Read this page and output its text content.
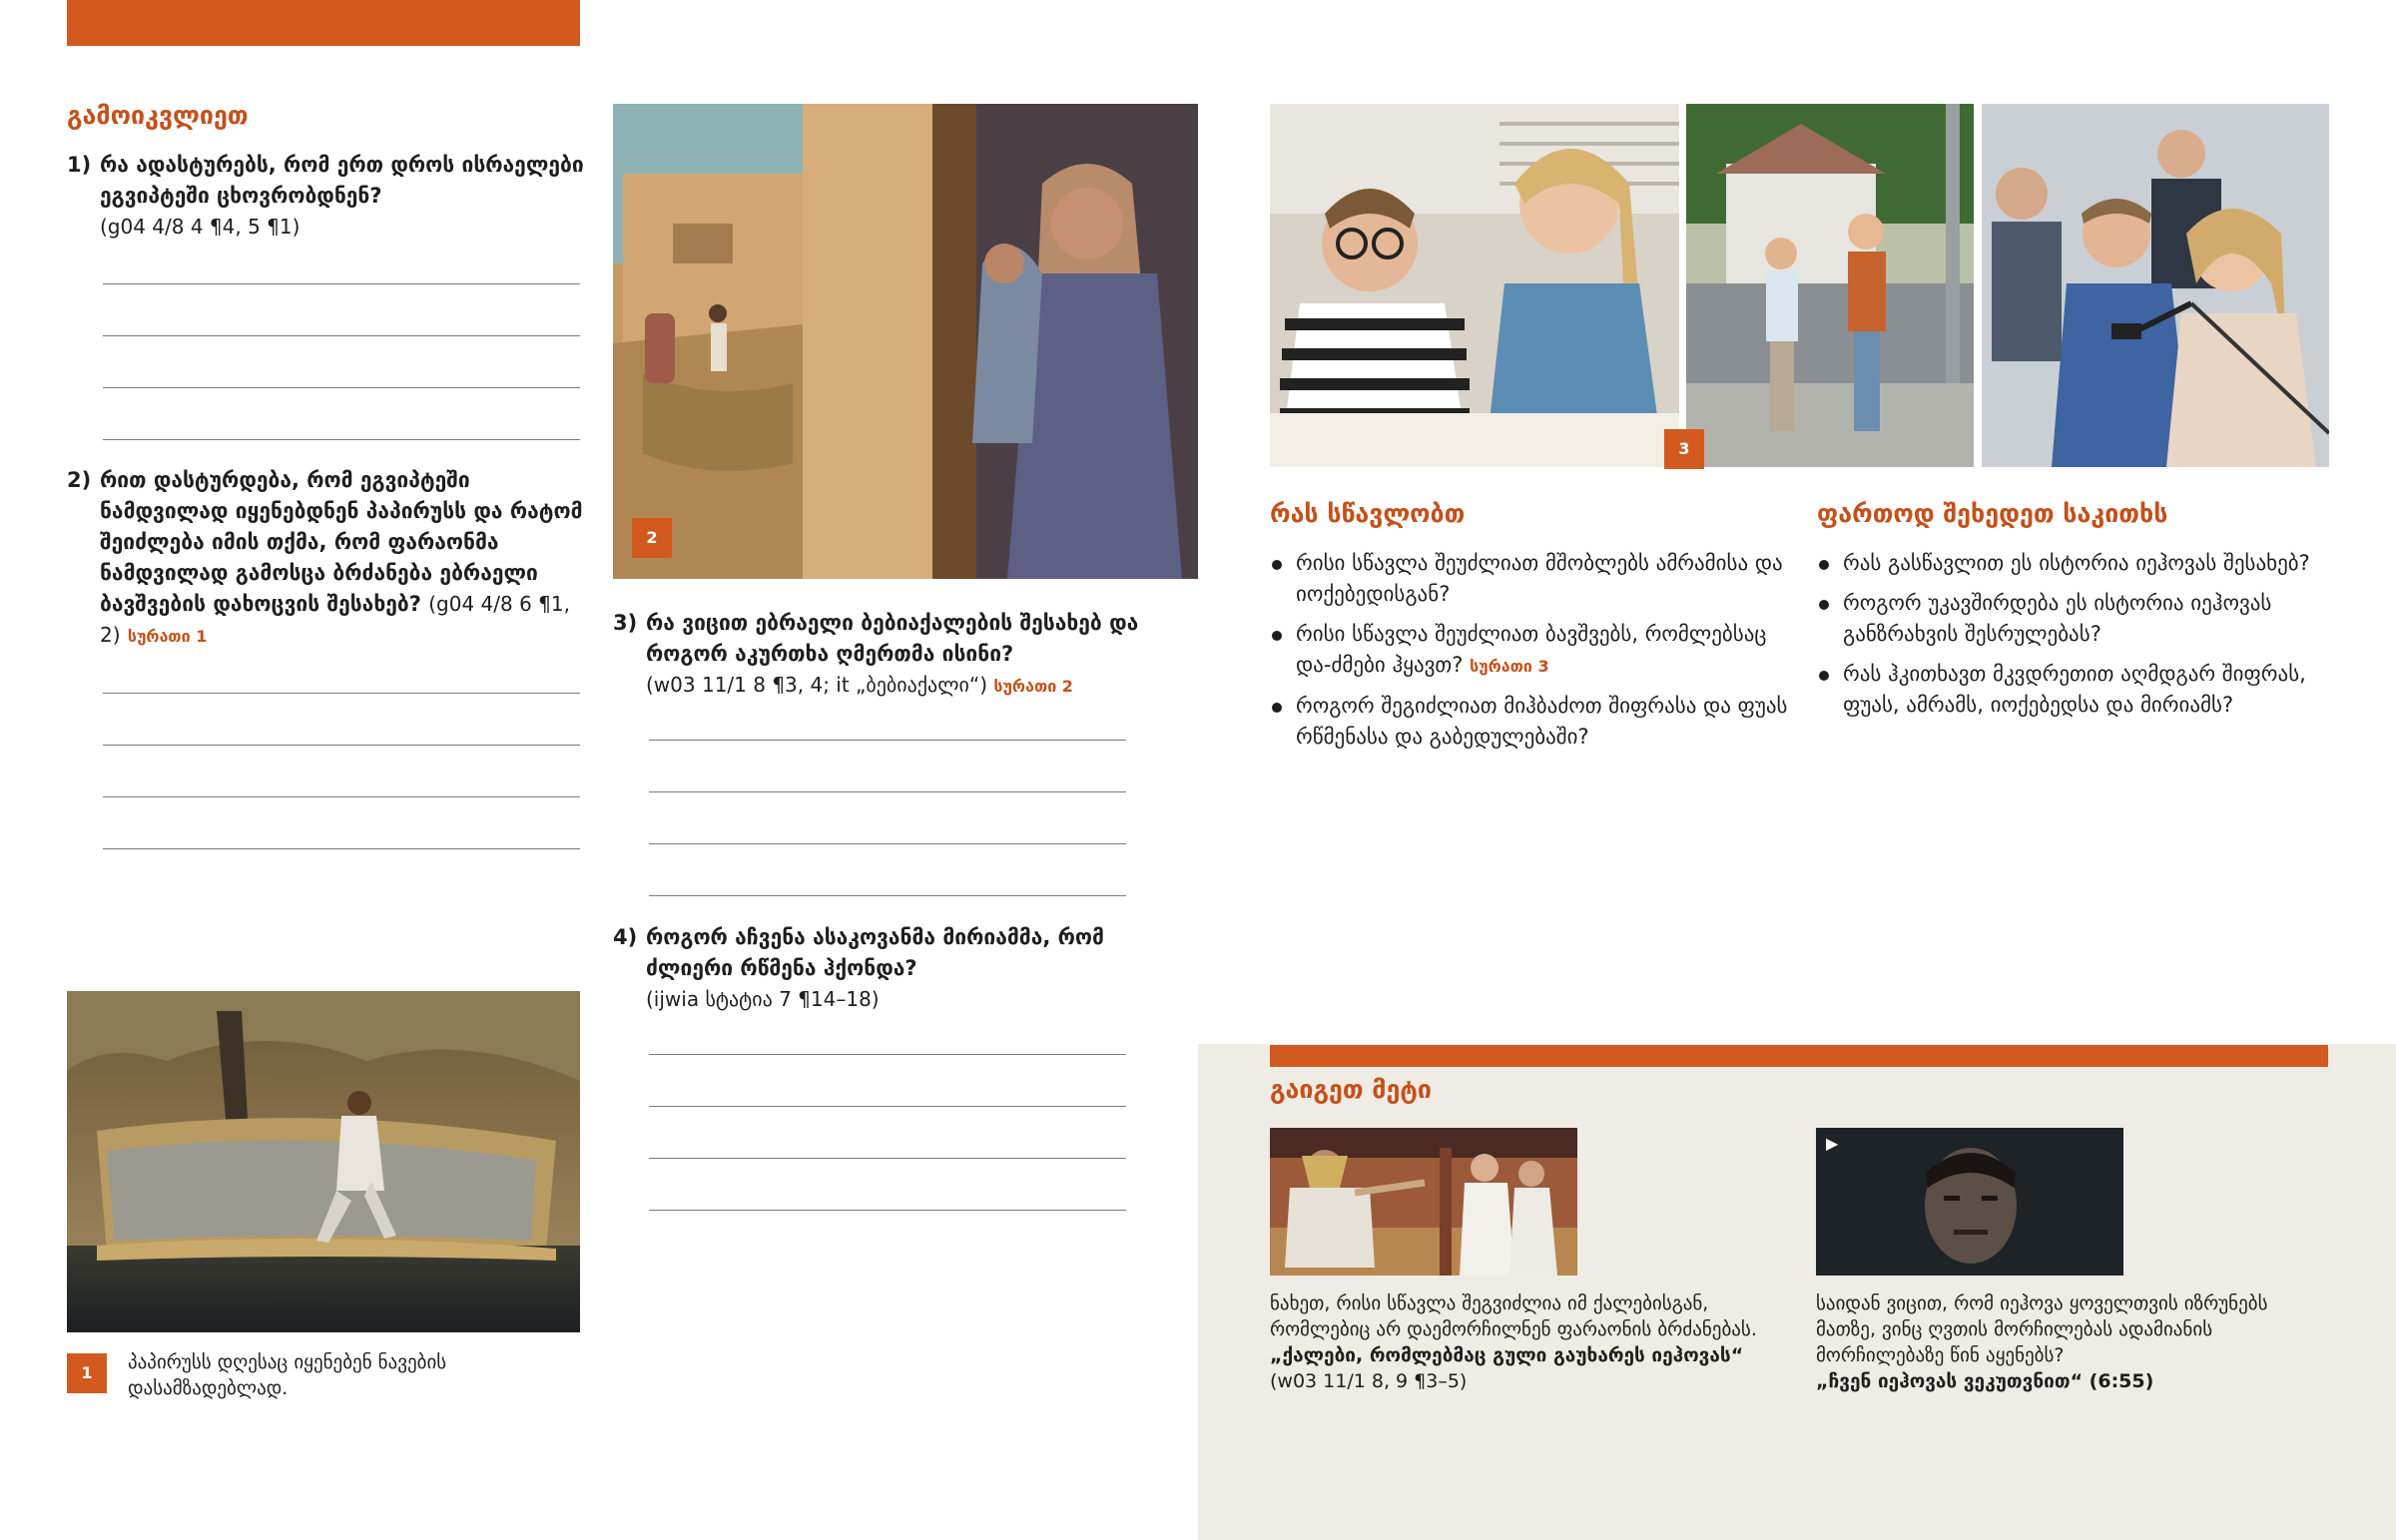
გამოიკვლიეთ
1) რა ადასტურებს, რომ ერთ დროს ისრაელები ეგვიპტეში ცხოვრობდნენ?
(g04 4/8 4 ¶4, 5 ¶1)
2) რით დასტურდება, რომ ეგვიპტეში ნამდვილად იყენებდნენ პაპირუსს და რატომ შეიძლება იმის თქმა, რომ ფარაონმა ნამდვილად გამოსცა ბრძანება ებრაელი ბავშვების დახოცვის შესახებ? (g04 4/8 6 ¶1, 2) სურათი 1
1	პაპირუსს დღესაც იყენებენ ნავების დასამზადებლად.
2
3) რა ვიცით ებრაელი ბებიაქალების შესახებ და როგორ აკურთხა ღმერთმა ისინი?
(w03 11/1 8 ¶3, 4; it „ბებიაქალი“) სურათი 2
4) როგორ აჩვენა ასაკოვანმა მირიამმა, რომ ძლიერი რწმენა ჰქონდა?
(ijwia სტატია 7 ¶14–18)
3
რას სწავლობთ
რისი სწავლა შეუძლიათ მშობლებს ამრამისა და იოქებედისგან?
რისი სწავლა შეუძლიათ ბავშვებს, რომლებსაც და-ძმები ჰყავთ? სურათი 3
როგორ შეგიძლიათ მიჰბაძოთ შიფრასა და ფუას რწმენასა და გაბედულებაში?
ფართოდ შეხედეთ საკითხს
რას გასწავლით ეს ისტორია იეჰოვას შესახებ?
როგორ უკავშირდება ეს ისტორია იეჰოვას განზრახვის შესრულებას?
რას ჰკითხავთ მკვდრეთით აღმდგარ შიფრას, ფუას, ამრამს, იოქებედსა და მირიამს?
გაიგეთ მეტი
ნახეთ, რისი სწავლა შეგვიძლია იმ ქალებისგან, რომლებიც არ დაემორჩილნენ ფარაონის ბრძანებას.
„ქალები, რომლებმაც გული გაუხარეს იეჰოვას“
(w03 11/1 8, 9 ¶3–5)
▶
საიდან ვიცით, რომ იეჰოვა ყოველთვის იზრუნებს მათზე, ვინც ღვთის მორჩილებას ადამიანის მორჩილებაზე წინ აყენებს?
„ჩვენ იეჰოვას ვეკუთვნით“ (6:55)
